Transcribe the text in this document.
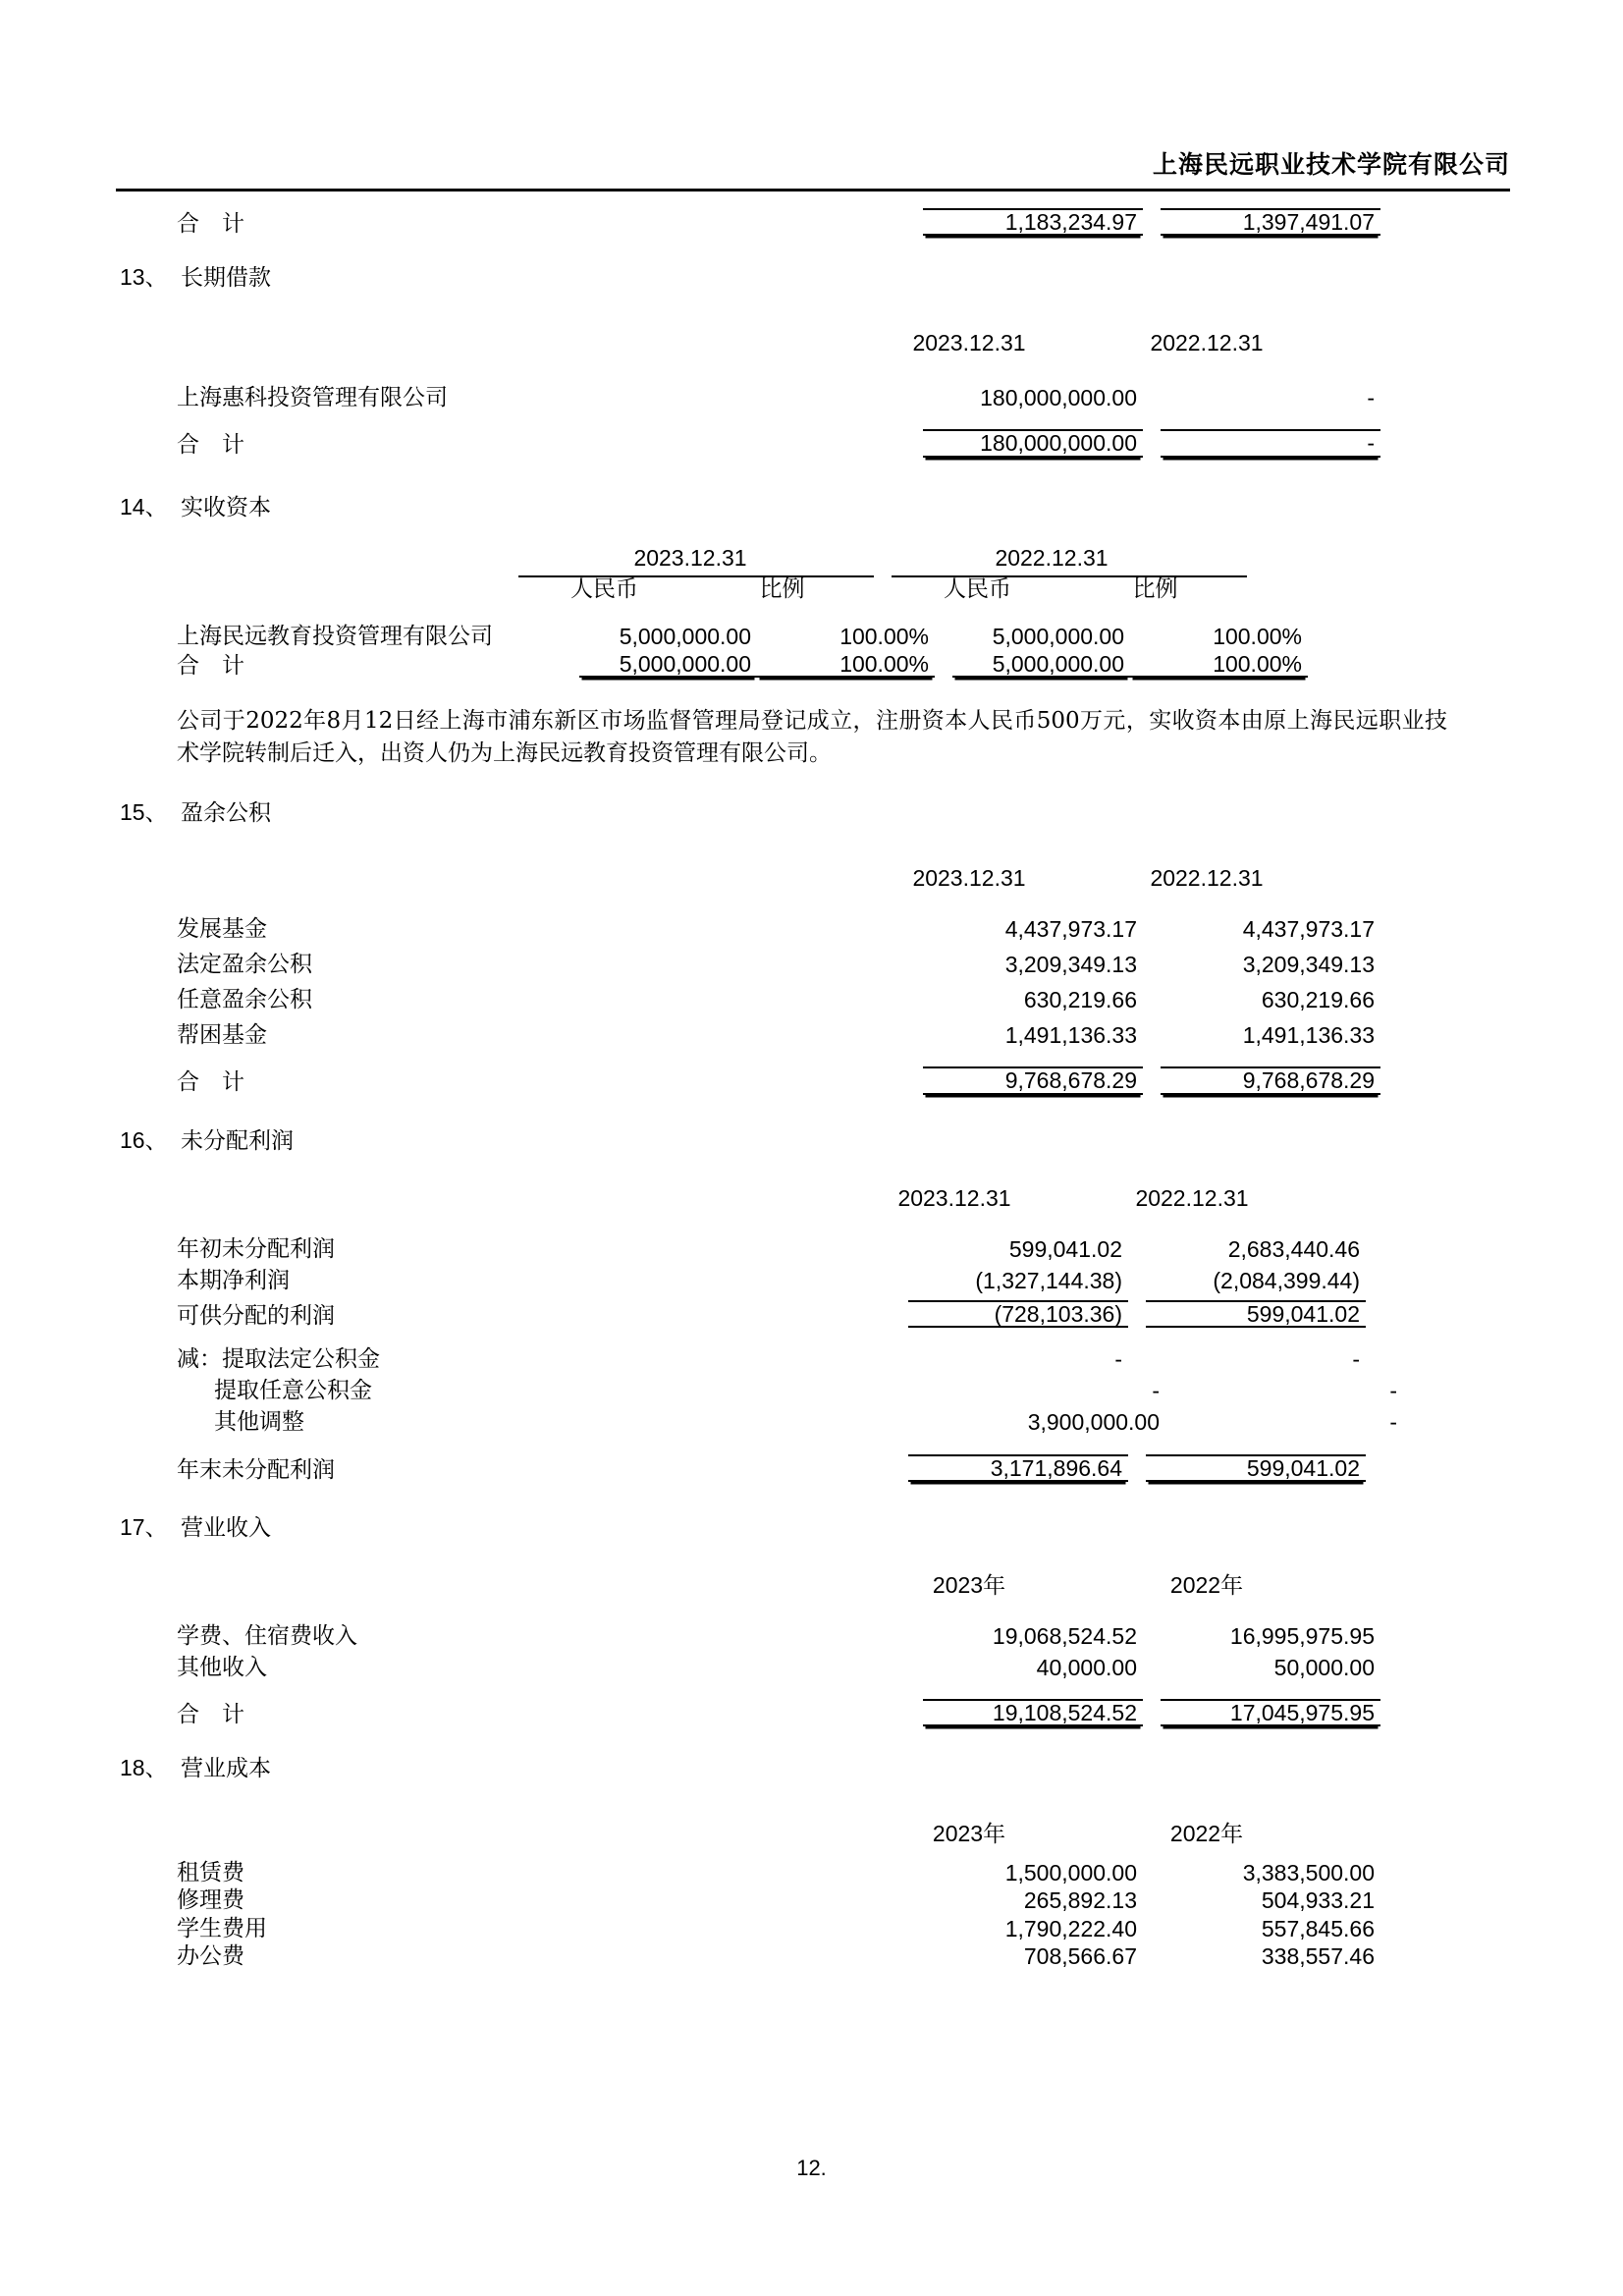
上海民远职业技术学院有限公司
合　计	1,183,234.97	1,397,491.07
13、 长期借款
2023.12.31	2022.12.31
上海惠科投资管理有限公司	180,000,000.00	-
合　计	180,000,000.00	-
14、 实收资本
2023.12.31	2022.12.31
人民币	比例	人民币	比例
上海民远教育投资管理有限公司	5,000,000.00	100.00%	5,000,000.00	100.00%
合　计	5,000,000.00	100.00%	5,000,000.00	100.00%
公司于2022年8月12日经上海市浦东新区市场监督管理局登记成立，注册资本人民币500万元，实收资本由原上海民远职业技术学院转制后迁入，出资人仍为上海民远教育投资管理有限公司。
15、 盈余公积
2023.12.31	2022.12.31
发展基金	4,437,973.17	4,437,973.17
法定盈余公积	3,209,349.13	3,209,349.13
任意盈余公积	630,219.66	630,219.66
帮困基金	1,491,136.33	1,491,136.33
合　计	9,768,678.29	9,768,678.29
16、 未分配利润
2023.12.31	2022.12.31
年初未分配利润	599,041.02	2,683,440.46
本期净利润	(1,327,144.38)	(2,084,399.44)
可供分配的利润	(728,103.36)	599,041.02
减：提取法定公积金	-	-
提取任意公积金	-	-
其他调整	3,900,000.00	-
年末未分配利润	3,171,896.64	599,041.02
17、 营业收入
2023年	2022年
学费、住宿费收入	19,068,524.52	16,995,975.95
其他收入	40,000.00	50,000.00
合　计	19,108,524.52	17,045,975.95
18、 营业成本
2023年	2022年
租赁费	1,500,000.00	3,383,500.00
修理费	265,892.13	504,933.21
学生费用	1,790,222.40	557,845.66
办公费	708,566.67	338,557.46
12.
